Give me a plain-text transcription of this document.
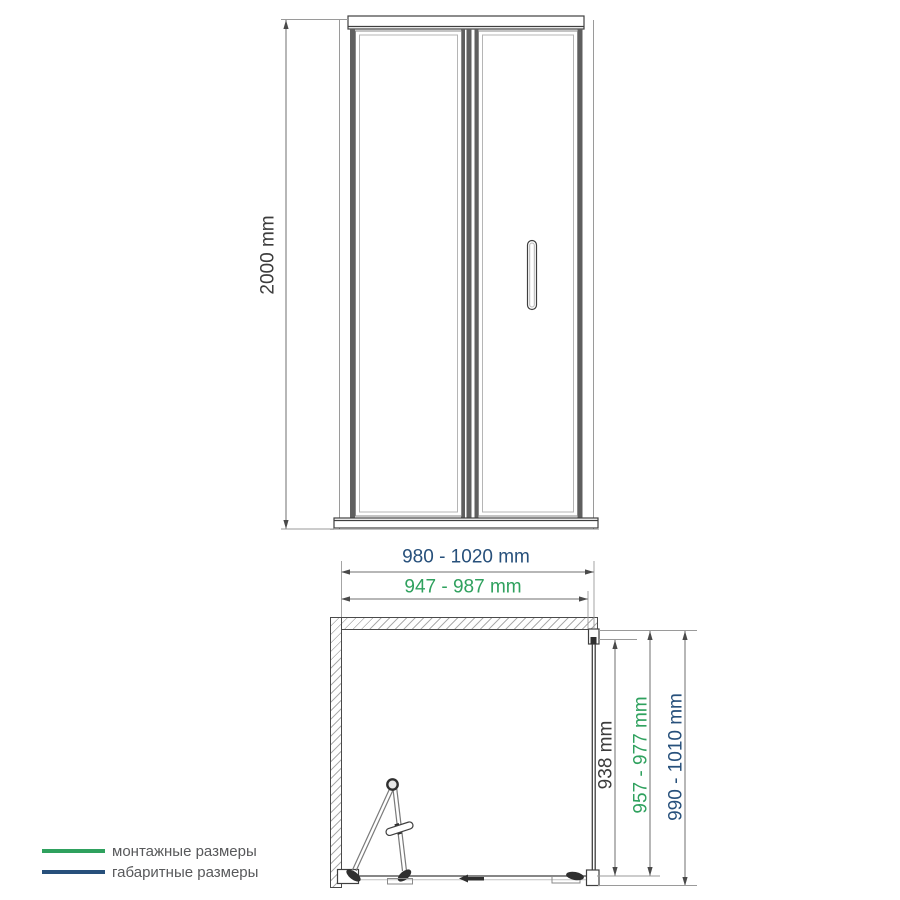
2000 mm
980 - 1020 mm
947 - 987 mm
938 mm 957 - 977 mm 990 - 1010 mm
монтажные размеры
габаритные размеры
